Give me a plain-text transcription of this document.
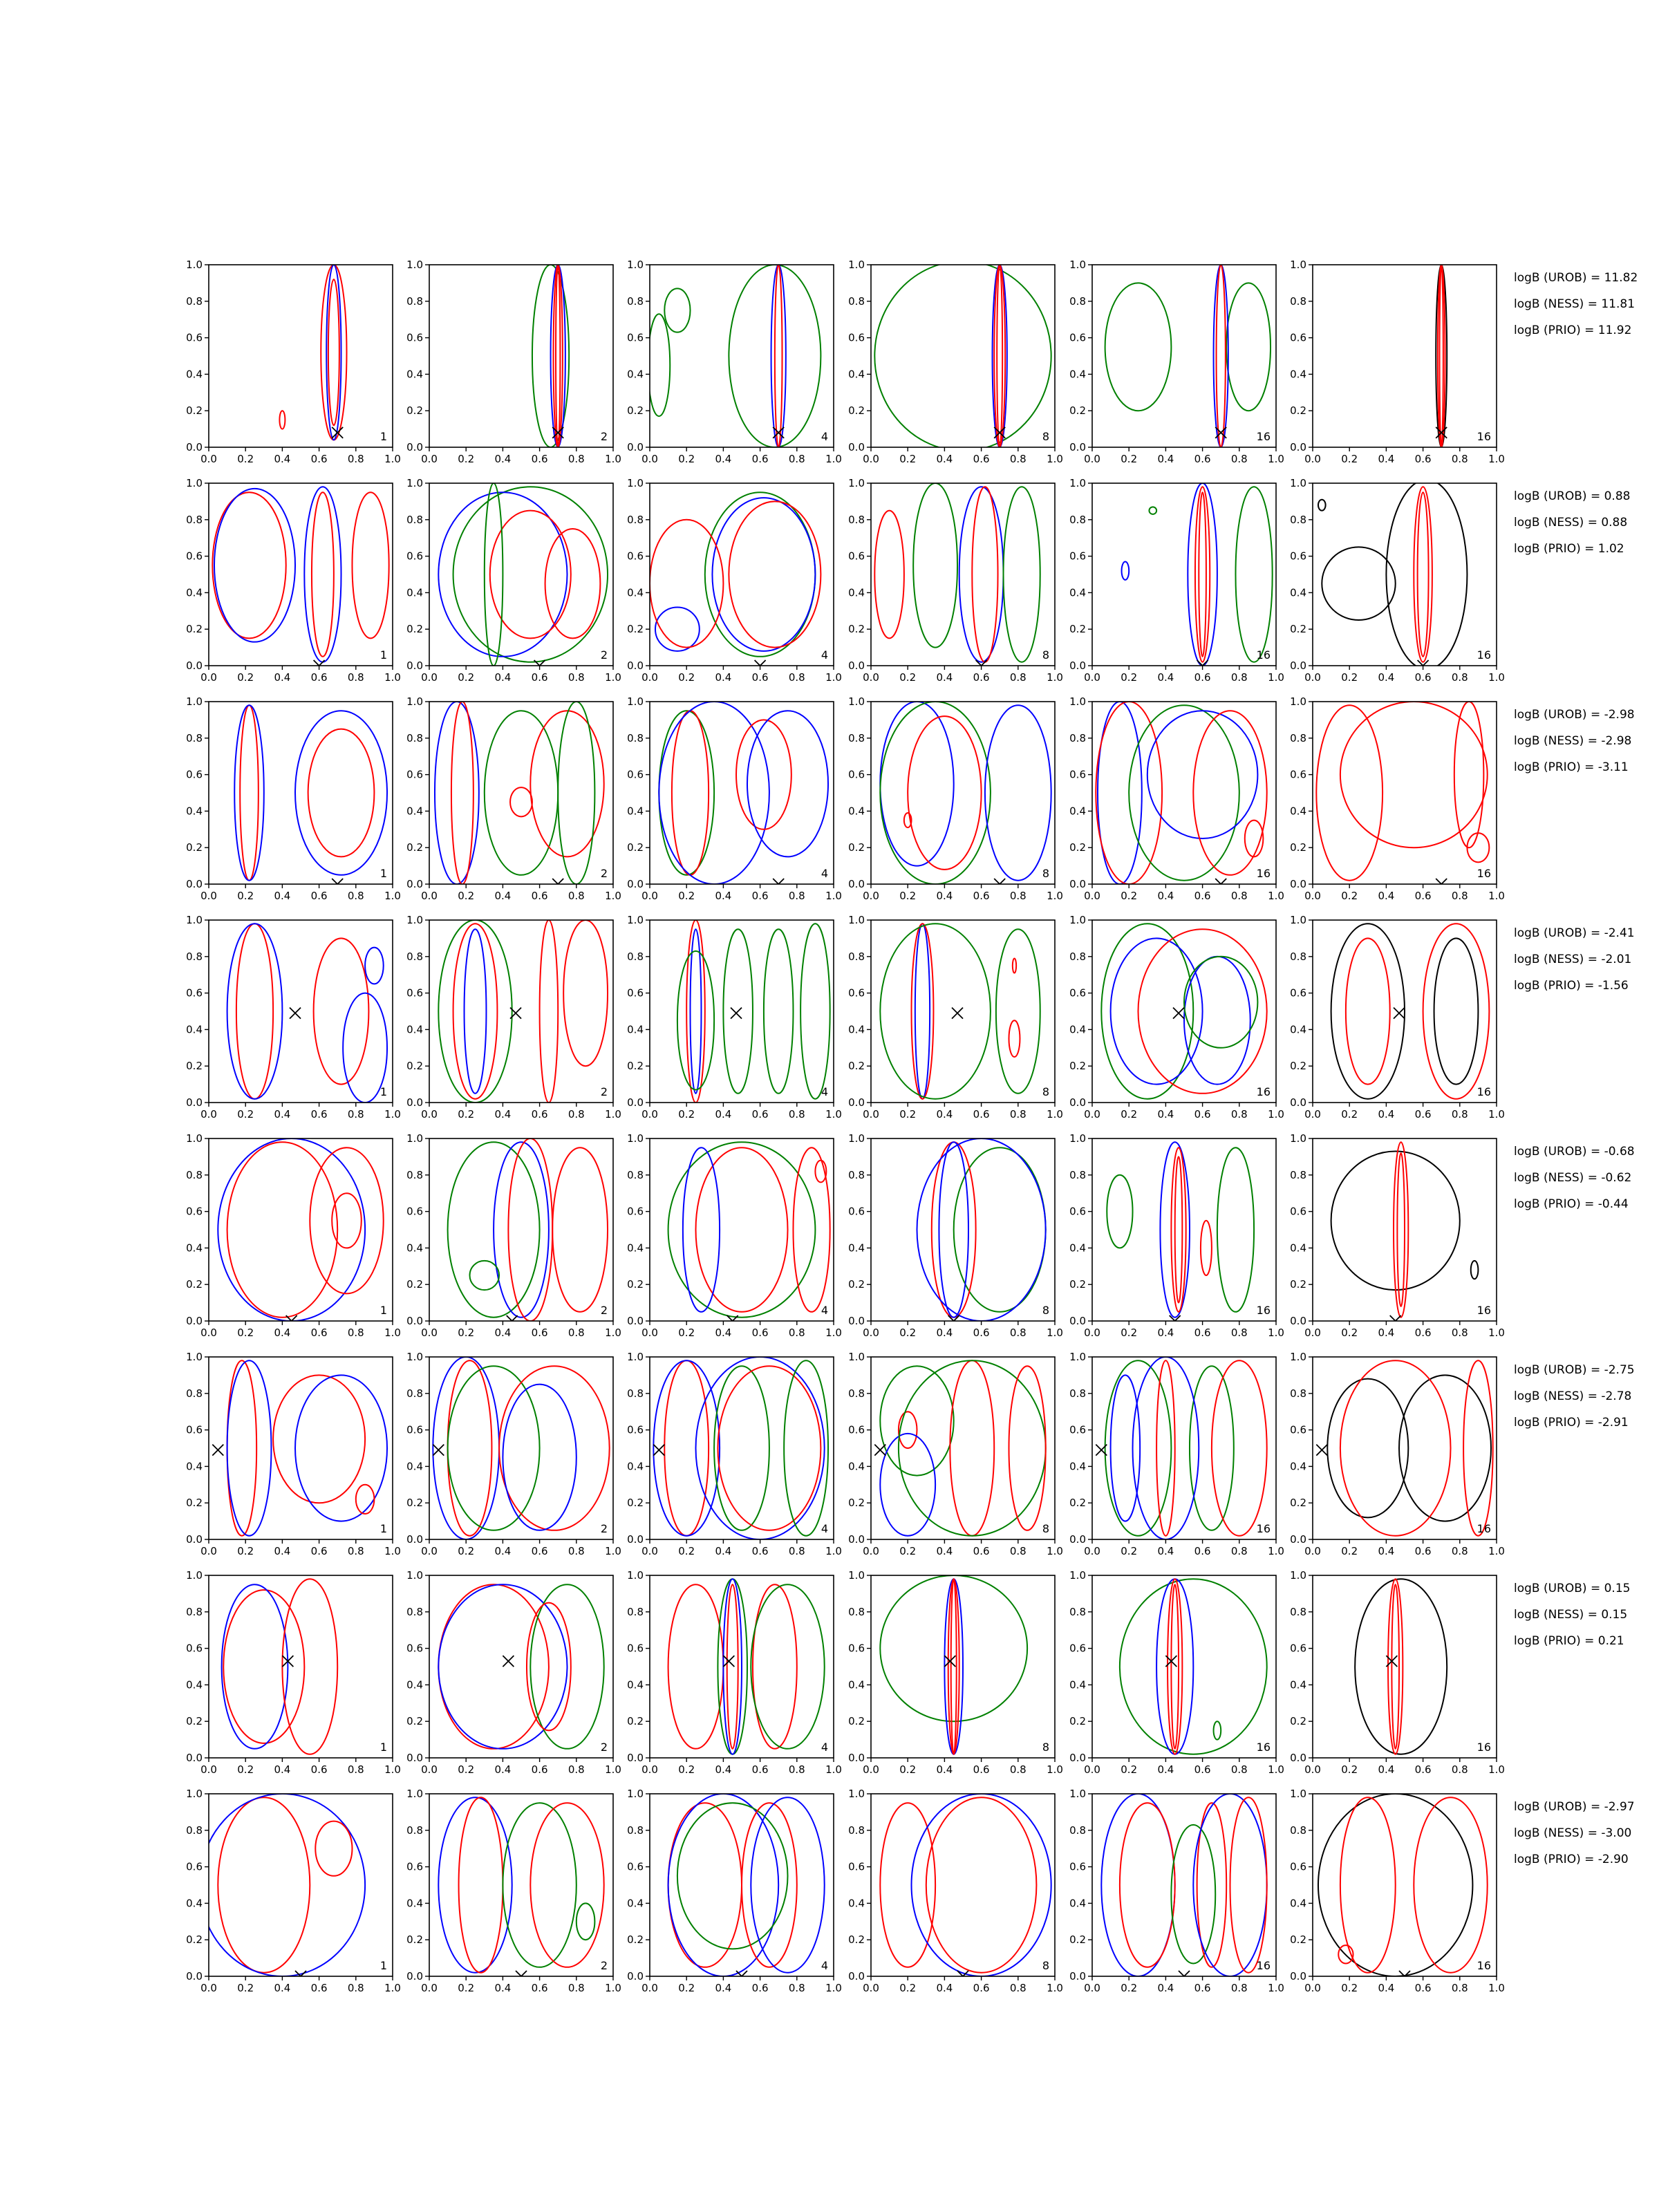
0.0 0.2 0.4 0.6 0.8 1.0
0.0
0.2
0.4
0.6
0.8
1.0
1
0.0 0.2 0.4 0.6 0.8 1.0
0.0
0.2
0.4
0.6
0.8
1.0
2
0.0 0.2 0.4 0.6 0.8 1.0
0.0
0.2
0.4
0.6
0.8
1.0
4
0.0 0.2 0.4 0.6 0.8 1.0
0.0
0.2
0.4
0.6
0.8
1.0
8
0.0 0.2 0.4 0.6 0.8 1.0
0.0
0.2
0.4
0.6
0.8
1.0
16
0.0 0.2 0.4 0.6 0.8 1.0
0.0
0.2
0.4
0.6
0.8
1.0
16
logB (UROB) = 11.82
logB (NESS) = 11.81
logB (PRIO) = 11.92
0.0 0.2 0.4 0.6 0.8 1.0
0.0
0.2
0.4
0.6
0.8
1.0
1
0.0 0.2 0.4 0.6 0.8 1.0
0.0
0.2
0.4
0.6
0.8
1.0
2
0.0 0.2 0.4 0.6 0.8 1.0
0.0
0.2
0.4
0.6
0.8
1.0
4
0.0 0.2 0.4 0.6 0.8 1.0
0.0
0.2
0.4
0.6
0.8
1.0
8
0.0 0.2 0.4 0.6 0.8 1.0
0.0
0.2
0.4
0.6
0.8
1.0
16
0.0 0.2 0.4 0.6 0.8 1.0
0.0
0.2
0.4
0.6
0.8
1.0
16
logB (UROB) = 0.88
logB (NESS) = 0.88
logB (PRIO) = 1.02
0.0 0.2 0.4 0.6 0.8 1.0
0.0
0.2
0.4
0.6
0.8
1.0
1
0.0 0.2 0.4 0.6 0.8 1.0
0.0
0.2
0.4
0.6
0.8
1.0
2
0.0 0.2 0.4 0.6 0.8 1.0
0.0
0.2
0.4
0.6
0.8
1.0
4
0.0 0.2 0.4 0.6 0.8 1.0
0.0
0.2
0.4
0.6
0.8
1.0
8
0.0 0.2 0.4 0.6 0.8 1.0
0.0
0.2
0.4
0.6
0.8
1.0
16
0.0 0.2 0.4 0.6 0.8 1.0
0.0
0.2
0.4
0.6
0.8
1.0
16
logB (UROB) = -2.98
logB (NESS) = -2.98
logB (PRIO) = -3.11
0.0 0.2 0.4 0.6 0.8 1.0
0.0
0.2
0.4
0.6
0.8
1.0
1
0.0 0.2 0.4 0.6 0.8 1.0
0.0
0.2
0.4
0.6
0.8
1.0
2
0.0 0.2 0.4 0.6 0.8 1.0
0.0
0.2
0.4
0.6
0.8
1.0
4
0.0 0.2 0.4 0.6 0.8 1.0
0.0
0.2
0.4
0.6
0.8
1.0
8
0.0 0.2 0.4 0.6 0.8 1.0
0.0
0.2
0.4
0.6
0.8
1.0
16
0.0 0.2 0.4 0.6 0.8 1.0
0.0
0.2
0.4
0.6
0.8
1.0
16
logB (UROB) = -2.41
logB (NESS) = -2.01
logB (PRIO) = -1.56
0.0 0.2 0.4 0.6 0.8 1.0
0.0
0.2
0.4
0.6
0.8
1.0
1
0.0 0.2 0.4 0.6 0.8 1.0
0.0
0.2
0.4
0.6
0.8
1.0
2
0.0 0.2 0.4 0.6 0.8 1.0
0.0
0.2
0.4
0.6
0.8
1.0
4
0.0 0.2 0.4 0.6 0.8 1.0
0.0
0.2
0.4
0.6
0.8
1.0
8
0.0 0.2 0.4 0.6 0.8 1.0
0.0
0.2
0.4
0.6
0.8
1.0
16
0.0 0.2 0.4 0.6 0.8 1.0
0.0
0.2
0.4
0.6
0.8
1.0
16
logB (UROB) = -0.68
logB (NESS) = -0.62
logB (PRIO) = -0.44
0.0 0.2 0.4 0.6 0.8 1.0
0.0
0.2
0.4
0.6
0.8
1.0
1
0.0 0.2 0.4 0.6 0.8 1.0
0.0
0.2
0.4
0.6
0.8
1.0
2
0.0 0.2 0.4 0.6 0.8 1.0
0.0
0.2
0.4
0.6
0.8
1.0
4
0.0 0.2 0.4 0.6 0.8 1.0
0.0
0.2
0.4
0.6
0.8
1.0
8
0.0 0.2 0.4 0.6 0.8 1.0
0.0
0.2
0.4
0.6
0.8
1.0
16
0.0 0.2 0.4 0.6 0.8 1.0
0.0
0.2
0.4
0.6
0.8
1.0
16
logB (UROB) = -2.75
logB (NESS) = -2.78
logB (PRIO) = -2.91
0.0 0.2 0.4 0.6 0.8 1.0
0.0
0.2
0.4
0.6
0.8
1.0
1
0.0 0.2 0.4 0.6 0.8 1.0
0.0
0.2
0.4
0.6
0.8
1.0
2
0.0 0.2 0.4 0.6 0.8 1.0
0.0
0.2
0.4
0.6
0.8
1.0
4
0.0 0.2 0.4 0.6 0.8 1.0
0.0
0.2
0.4
0.6
0.8
1.0
8
0.0 0.2 0.4 0.6 0.8 1.0
0.0
0.2
0.4
0.6
0.8
1.0
16
0.0 0.2 0.4 0.6 0.8 1.0
0.0
0.2
0.4
0.6
0.8
1.0
16
logB (UROB) = 0.15
logB (NESS) = 0.15
logB (PRIO) = 0.21
0.0 0.2 0.4 0.6 0.8 1.0
0.0
0.2
0.4
0.6
0.8
1.0
1
0.0 0.2 0.4 0.6 0.8 1.0
0.0
0.2
0.4
0.6
0.8
1.0
2
0.0 0.2 0.4 0.6 0.8 1.0
0.0
0.2
0.4
0.6
0.8
1.0
4
0.0 0.2 0.4 0.6 0.8 1.0
0.0
0.2
0.4
0.6
0.8
1.0
8
0.0 0.2 0.4 0.6 0.8 1.0
0.0
0.2
0.4
0.6
0.8
1.0
16
0.0 0.2 0.4 0.6 0.8 1.0
0.0
0.2
0.4
0.6
0.8
1.0
16
logB (UROB) = -2.97
logB (NESS) = -3.00
logB (PRIO) = -2.90
